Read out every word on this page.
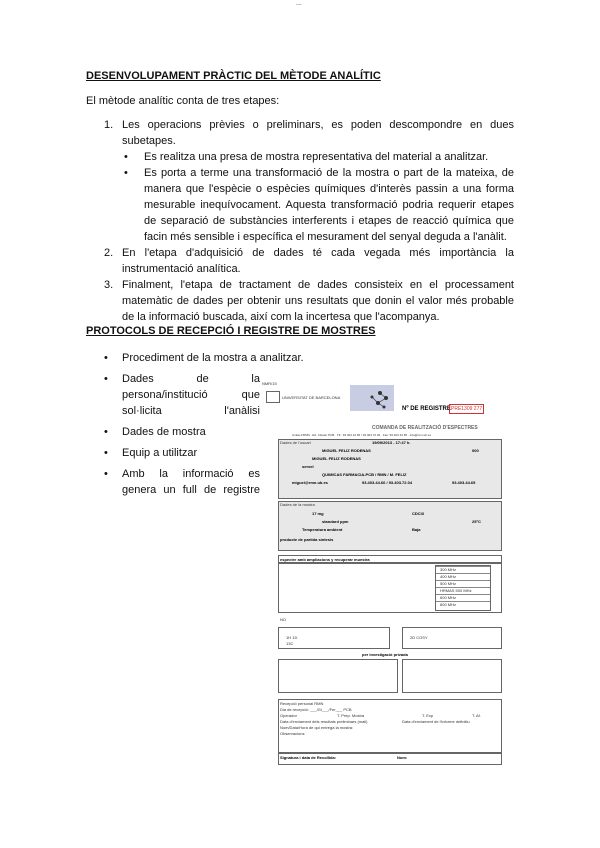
...
DESENVOLUPAMENT PRÀCTIC DEL MÈTODE ANALÍTIC
El mètode analític conta de tres etapes:
1. Les operacions prèvies o preliminars, es poden descompondre en dues subetapes.
• Es realitza una presa de mostra representativa del material a analitzar.
• Es porta a terme una transformació de la mostra o part de la mateixa, de manera que l'espècie o espècies químiques d'interès passin a una forma mesurable inequívocament. Aquesta transformació podria requerir etapes de separació de substàncies interferents i etapes de reacció química que facin més sensible i específica el mesurament del senyal deguda a l'anàlit.
2. En l'etapa d'adquisició de dades té cada vegada més importància la instrumentació analítica.
3. Finalment, l'etapa de tractament de dades consisteix en el processament matemàtic de dades per obtenir uns resultats que donin el valor més probable de la informació buscada, així com la incertesa que l'acompanya.
PROTOCOLS DE RECEPCIÓ I REGISTRE DE MOSTRES
• Procediment de la mostra a analitzar.
• Dades de la persona/institució que sol·licita l'anàlisi
• Dades de mostra
• Equip a utilitzar
• Amb la informació es genera un full de registre
NMR/15
UNIVERSITAT DE BARCELONA
Nº DE REGISTRE PRE1309 277
COMANDA DE REALITZACIÓ D'ESPECTRES
Unitat d'RMN · Ed. Clúster PCB · Tlf.: 93 403 44 66 / 93 403 72 04 · Fax: 93 403 44 65 · info@rmn.ub.es
Dades de l'usuari	19/09/2013 - 17:47 h.
MIGUEL FELIZ RODENAS	000
MIGUEL FELIZ RODENAS
serveI
QUIMICAS FARMACIA-PCB / RMN / M. FELIZ
miguel@rmn.ub.es	93.403.44.66 / 93.403.72.04	93.403.44.65
Dades de la mostra
17 mg	CDCl3
standard ppm	25°C
Temperatura ambient	Baja
producte de partida síntesis
espectre amb ampliacions y recuperar muestra
300 MHz
400 MHz
500 MHz
HRMAS 500 MHz
600 MHz
800 MHz
NO
1H 1D
13C
2D COSY
per investigació privada
Recepció personal RMN
Dia de recepció: ___/Gi___/Fer___ PCB
Operador	T. Prep. Mostra	T. Exp	T. Af.
Data d'enviament dels resultats preliminars (mail)	Data d'enviament de l'informe definitiu
Nom/Data/Hora de qui entrega la mostra:
Observacions
Signatura i data de Recollida:	Nom:
